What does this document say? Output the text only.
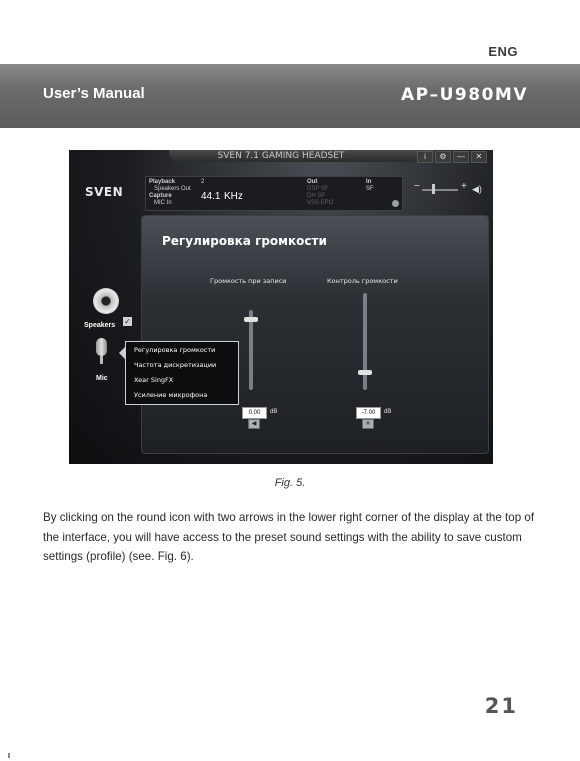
ENG
User’s Manual	AP–U980MV
SVEN 7.1 GAMING HEADSET	i	⚙	—	✕
SVEN
Playback	2
Speakers Out
Capture
MIC In
44.1 KHz
Out
DSP SF
DH SF
VSS EPO
In
SF	−	+ ◀)
Регулировка громкости
Громкость при записи	Контроль громкости
0.00	dB
◀
-7.00	dB
✕
Speakers ✓
Mic
Регулировка громкости
Частота дискретизации
Xear SingFX
Усиление микрофона
Fig. 5.
By clicking on the round icon with two arrows in the lower right corner of the display at the top of the interface, you will have access to the preset sound settings with the ability to save custom settings (profile) (see. Fig. 6).
21
